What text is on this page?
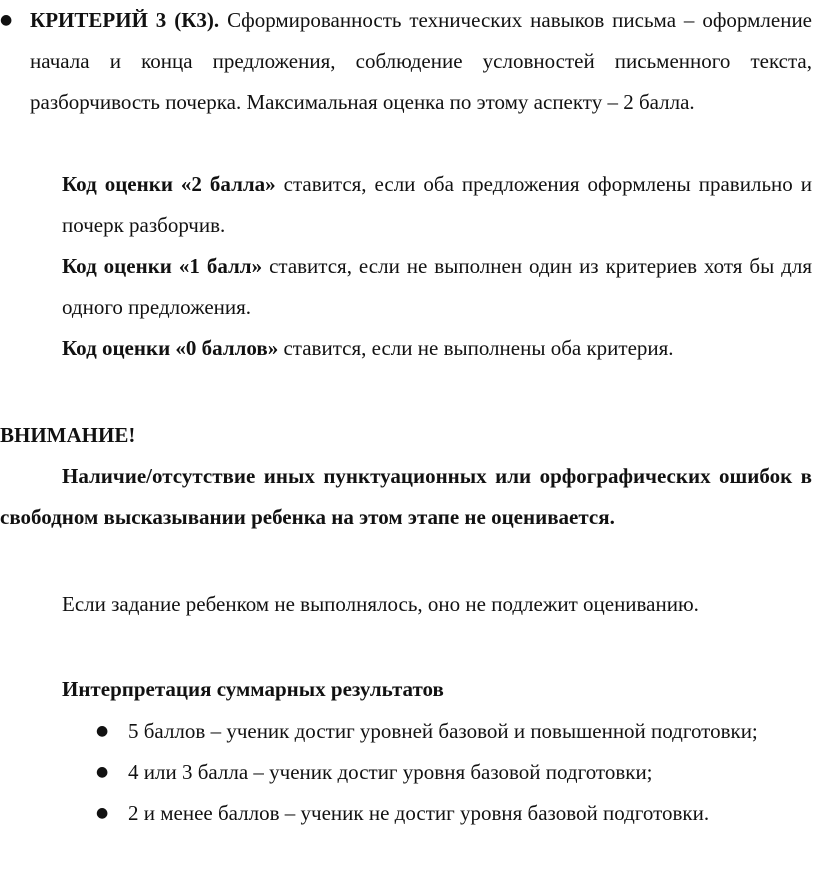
● КРИТЕРИЙ 3 (К3). Сформированность технических навыков письма – оформление начала и конца предложения, соблюдение условностей письменного текста, разборчивость почерка. Максимальная оценка по этому аспекту – 2 балла.

Код оценки «2 балла» ставится, если оба предложения оформлены правильно и почерк разборчив.

Код оценки «1 балл» ставится, если не выполнен один из критериев хотя бы для одного предложения.

Код оценки «0 баллов» ставится, если не выполнены оба критерия.

ВНИМАНИЕ!

Наличие/отсутствие иных пунктуационных или орфографических ошибок в свободном высказывании ребенка на этом этапе не оценивается.

Если задание ребенком не выполнялось, оно не подлежит оцениванию.

Интерпретация суммарных результатов

● 5 баллов – ученик достиг уровней базовой и повышенной подготовки;

● 4 или 3 балла – ученик достиг уровня базовой подготовки;

● 2 и менее баллов – ученик не достиг уровня базовой подготовки.
